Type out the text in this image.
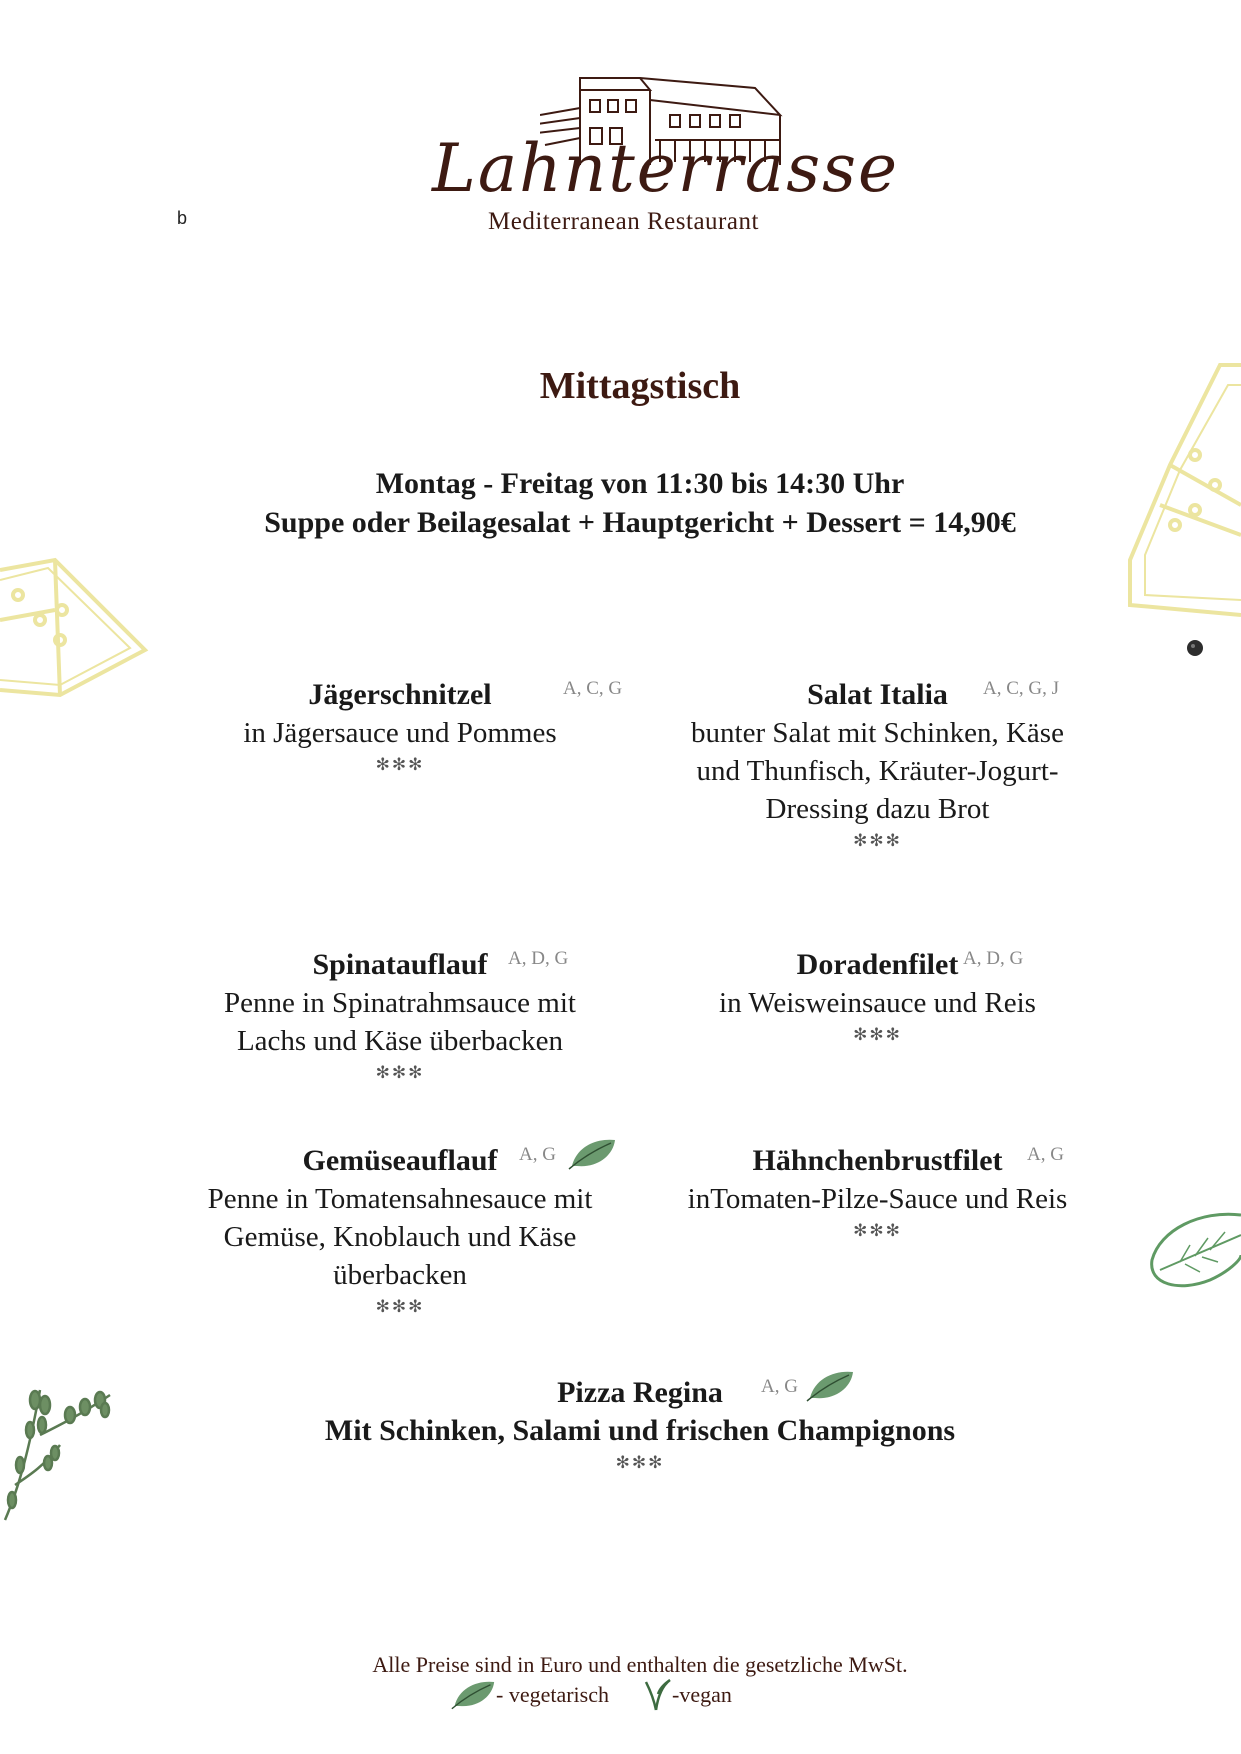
b
Lahnterrasse
Mediterranean Restaurant
Mittagstisch
Montag - Freitag von 11:30 bis 14:30 Uhr
Suppe oder Beilagesalat + Hauptgericht + Dessert = 14,90€
Jägerschnitzel	A, C, G
in Jägersauce und Pommes
✻✻✻
Salat Italia A, C, G, J
bunter Salat mit Schinken, Käse
und Thunfisch, Kräuter-Jogurt-
Dressing dazu Brot
✻✻✻
Spinatauflauf A, D, G
Penne in Spinatrahmsauce mit
Lachs und Käse überbacken
✻✻✻
Doradenfilet A, D, G
in Weisweinsauce und Reis
✻✻✻
Gemüseauflauf A, G
Penne in Tomatensahnesauce mit
Gemüse, Knoblauch und Käse
überbacken
✻✻✻
Hähnchenbrustfilet A, G
inTomaten-Pilze-Sauce und Reis
✻✻✻
Pizza Regina A, G
Mit Schinken, Salami und frischen Champignons
✻✻✻
Alle Preise sind in Euro und enthalten die gesetzliche MwSt.
- vegetarisch	-vegan
